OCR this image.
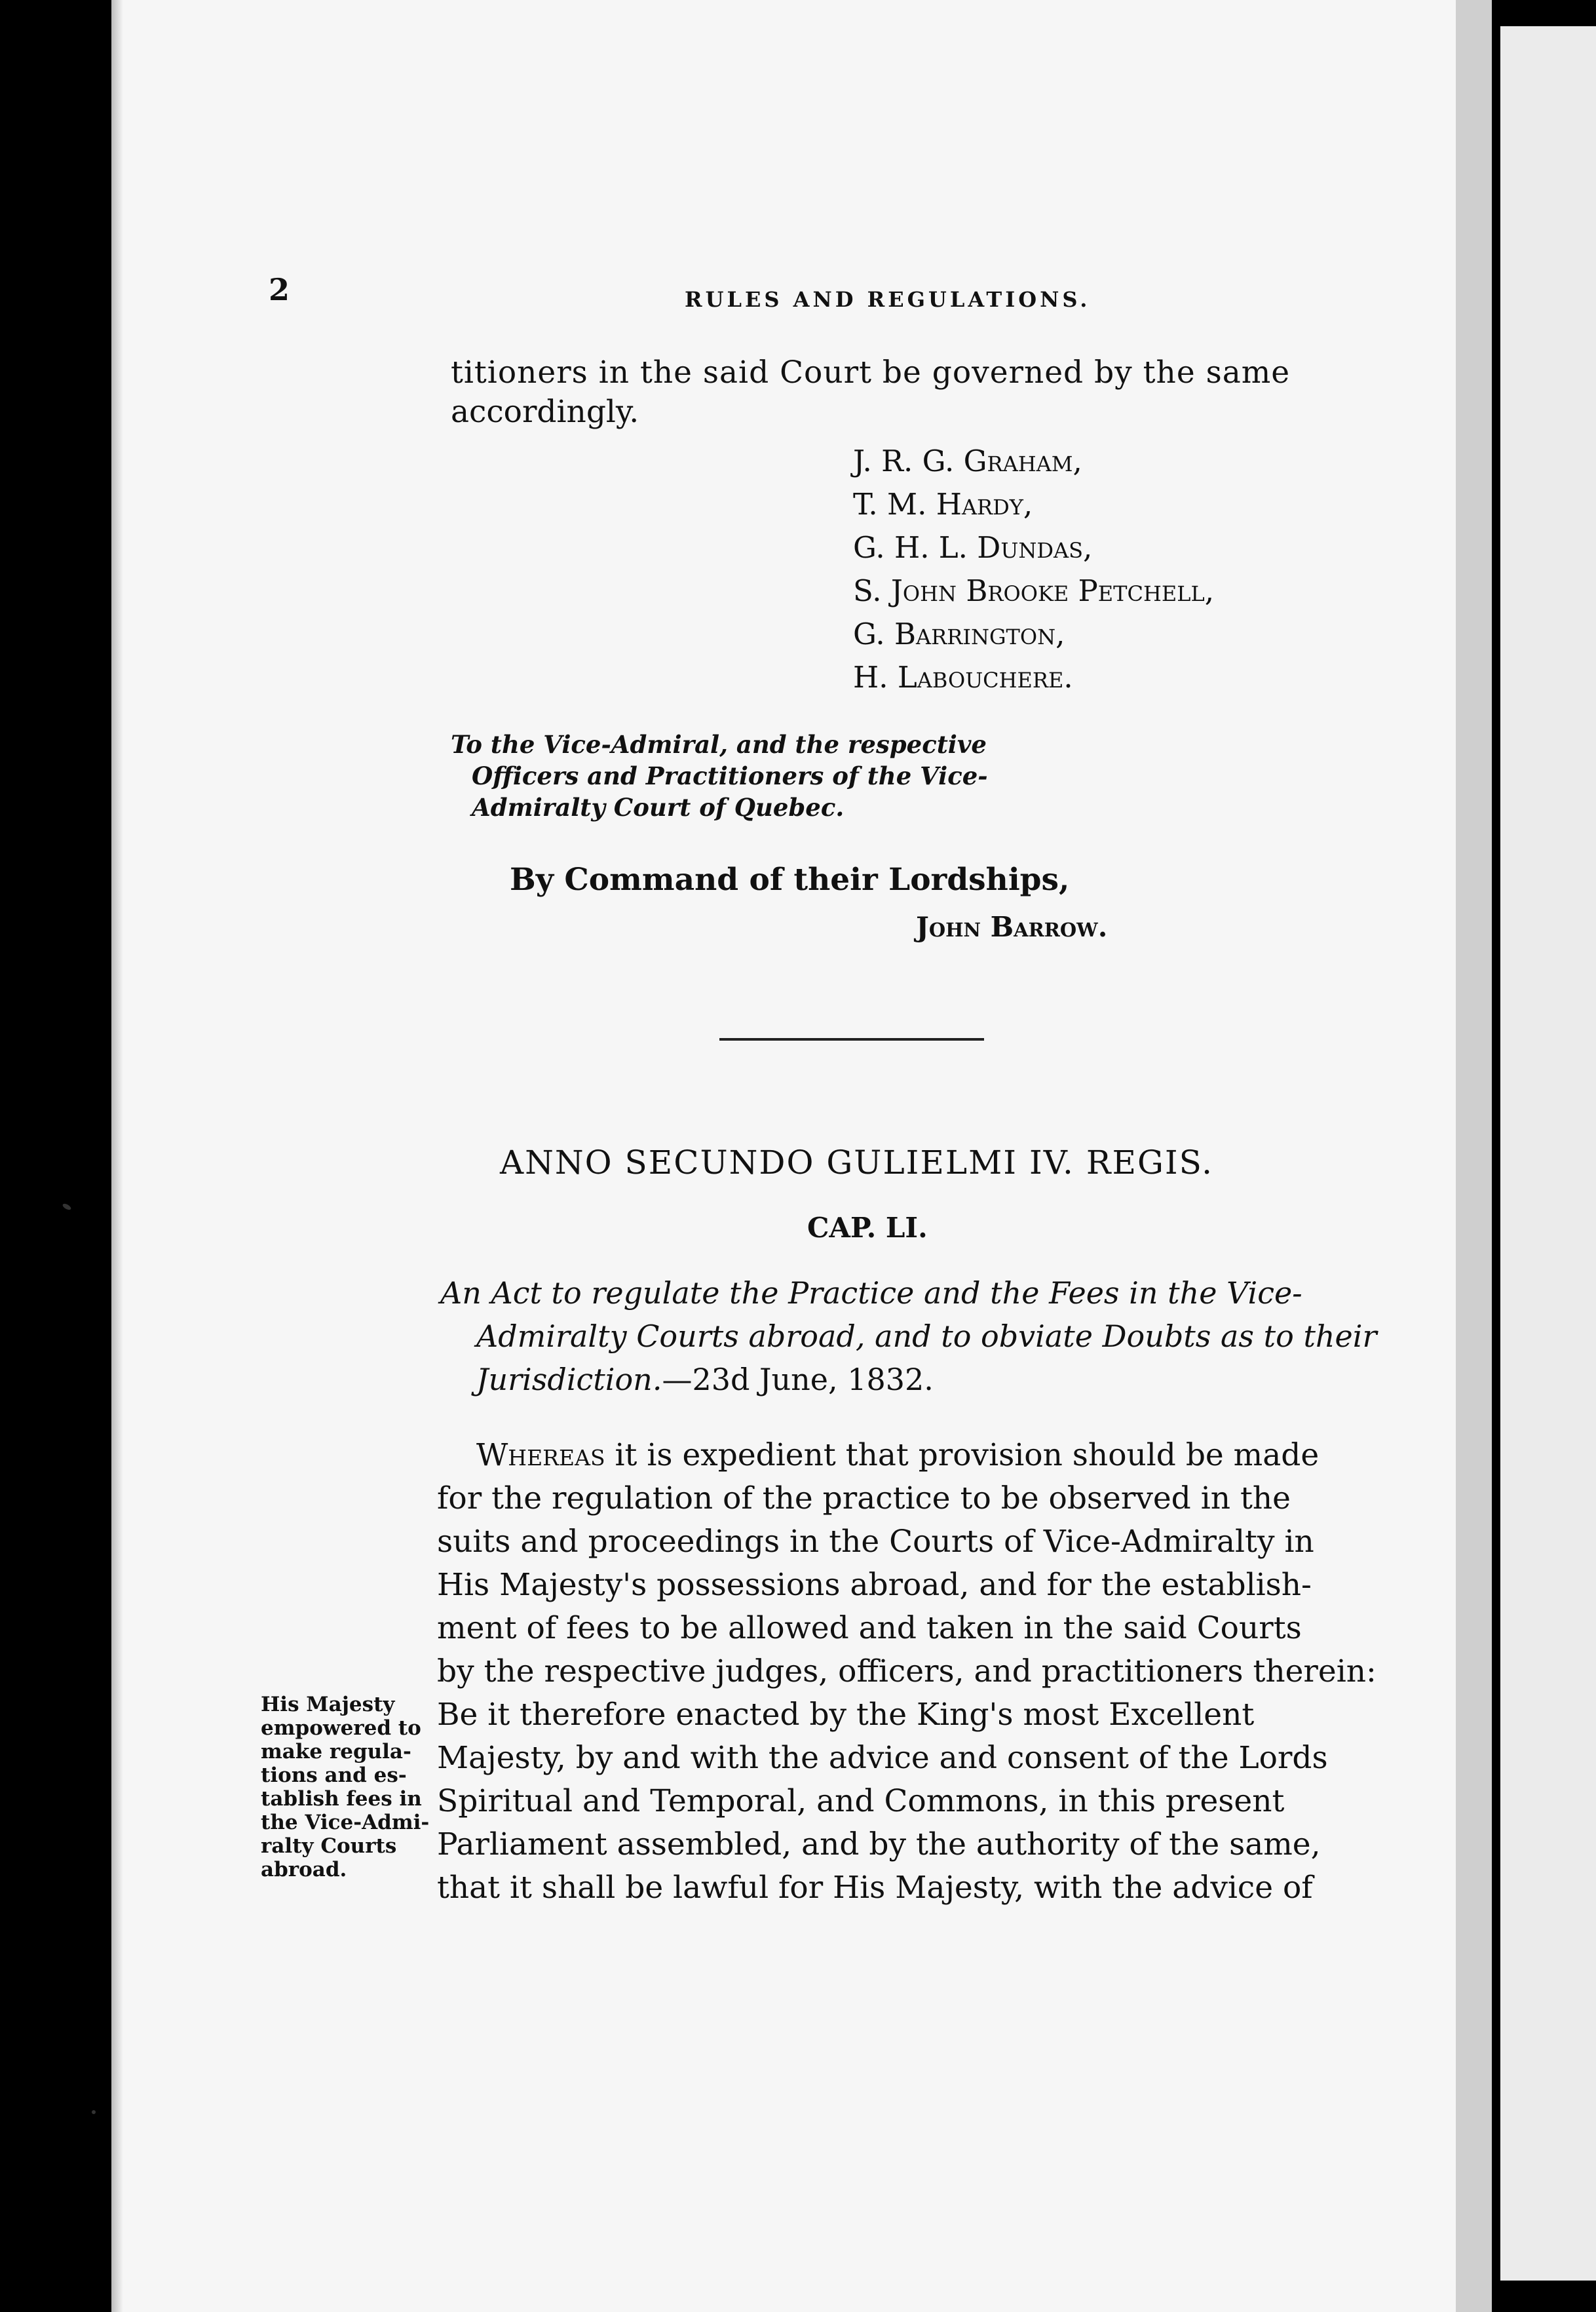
2	RULES AND REGULATIONS.
titioners in the said Court be governed by the same
accordingly.
J. R. G. Graham,
T. M. Hardy,
G. H. L. Dundas,
S. John Brooke Petchell,
G. Barrington,
H. Labouchere.
To the Vice-Admiral, and the respective
Officers and Practitioners of the Vice-
Admiralty Court of Quebec.
By Command of their Lordships,
John Barrow.
ANNO SECUNDO GULIELMI IV. REGIS.
CAP. LI.
An Act to regulate the Practice and the Fees in the Vice-
Admiralty Courts abroad, and to obviate Doubts as to their
Jurisdiction.—23d June, 1832.
Whereas it is expedient that provision should be made
for the regulation of the practice to be observed in the
suits and proceedings in the Courts of Vice-Admiralty in
His Majesty's possessions abroad, and for the establish-
ment of fees to be allowed and taken in the said Courts
by the respective judges, officers, and practitioners therein:
Be it therefore enacted by the King's most Excellent
Majesty, by and with the advice and consent of the Lords
Spiritual and Temporal, and Commons, in this present
Parliament assembled, and by the authority of the same,
that it shall be lawful for His Majesty, with the advice of
His Majesty
empowered to
make regula-
tions and es-
tablish fees in
the Vice-Admi-
ralty Courts
abroad.
